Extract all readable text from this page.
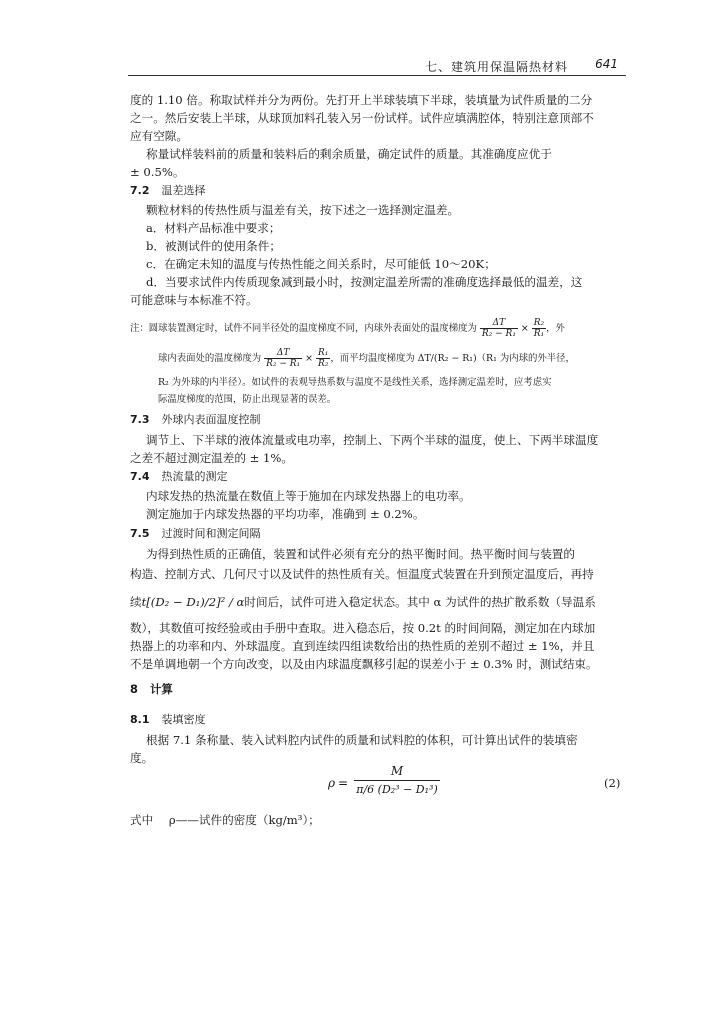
七、建筑用保温隔热材料 641
度的 1.10 倍。称取试样并分为两份。先打开上半球装填下半球，装填量为试件质量的二分
之一。然后安装上半球，从球顶加料孔装入另一份试样。试件应填满腔体，特别注意顶部不
应有空隙。
称量试样装料前的质量和装料后的剩余质量，确定试件的质量。其准确度应优于
± 0.5%。
7.2 温差选择
颗粒材料的传热性质与温差有关，按下述之一选择测定温差。
a．材料产品标准中要求；
b．被测试件的使用条件；
c．在确定未知的温度与传热性能之间关系时，尽可能低 10～20K；
d．当要求试件内传质现象减到最小时，按测定温差所需的准确度选择最低的温差，这
可能意味与本标准不符。
注：圆球装置测定时，试件不同半径处的温度梯度不同，内球外表面处的温度梯度为 $\frac{\Delta T}{\text{R₂ − R₁}} \times \frac{\text{R₂}}{\text{R₁}}$ ，外
球内表面处的温度梯度为 $\frac{\Delta T}{\text{R₂ − R₁}} \times \frac{\text{R₁}}{\text{R₂}}$ ，而平均温度梯度为 ΔT/(R₂ − R₁)（R₁ 为内球的外半径，
R₂ 为外球的内半径）。如试件的表观导热系数与温度不是线性关系，选择测定温差时，应考虑实
际温度梯度的范围，防止出现显著的误差。
7.3 外球内表面温度控制
调节上、下半球的液体流量或电功率，控制上、下两个半球的温度，使上、下两半球温度
之差不超过测定温差的 ± 1%。
7.4 热流量的测定
内球发热的热流量在数值上等于施加在内球发热器上的电功率。
测定施加于内球发热器的平均功率，准确到 ± 0.2%。
7.5 过渡时间和测定间隔
为得到热性质的正确值，装置和试件必须有充分的热平衡时间。热平衡时间与装置的
构造、控制方式、几何尺寸以及试件的热性质有关。恒温度式装置在升到预定温度后，再持
续t[(D₂ − D₁)/2]² / α时间后，试件可进入稳定状态。其中 α 为试件的热扩散系数（导温系
数），其数值可按经验或由手册中查取。进入稳态后，按 0.2t 的时间间隔，测定加在内球加
热器上的功率和内、外球温度。直到连续四组读数给出的热性质的差别不超过 ± 1%，并且
不是单调地朝一个方向改变，以及由内球温度飘移引起的误差小于 ± 0.3% 时，测试结束。
8 计算
8.1 装填密度
根据 7.1 条称量、装入试料腔内试件的质量和试料腔的体积，可计算出试件的装填密
度。
$\rho = \frac{M}{\text{π/6 (D₂³ − D₁³)}}$	(2)
式中 ρ——试件的密度（kg/m³）；
